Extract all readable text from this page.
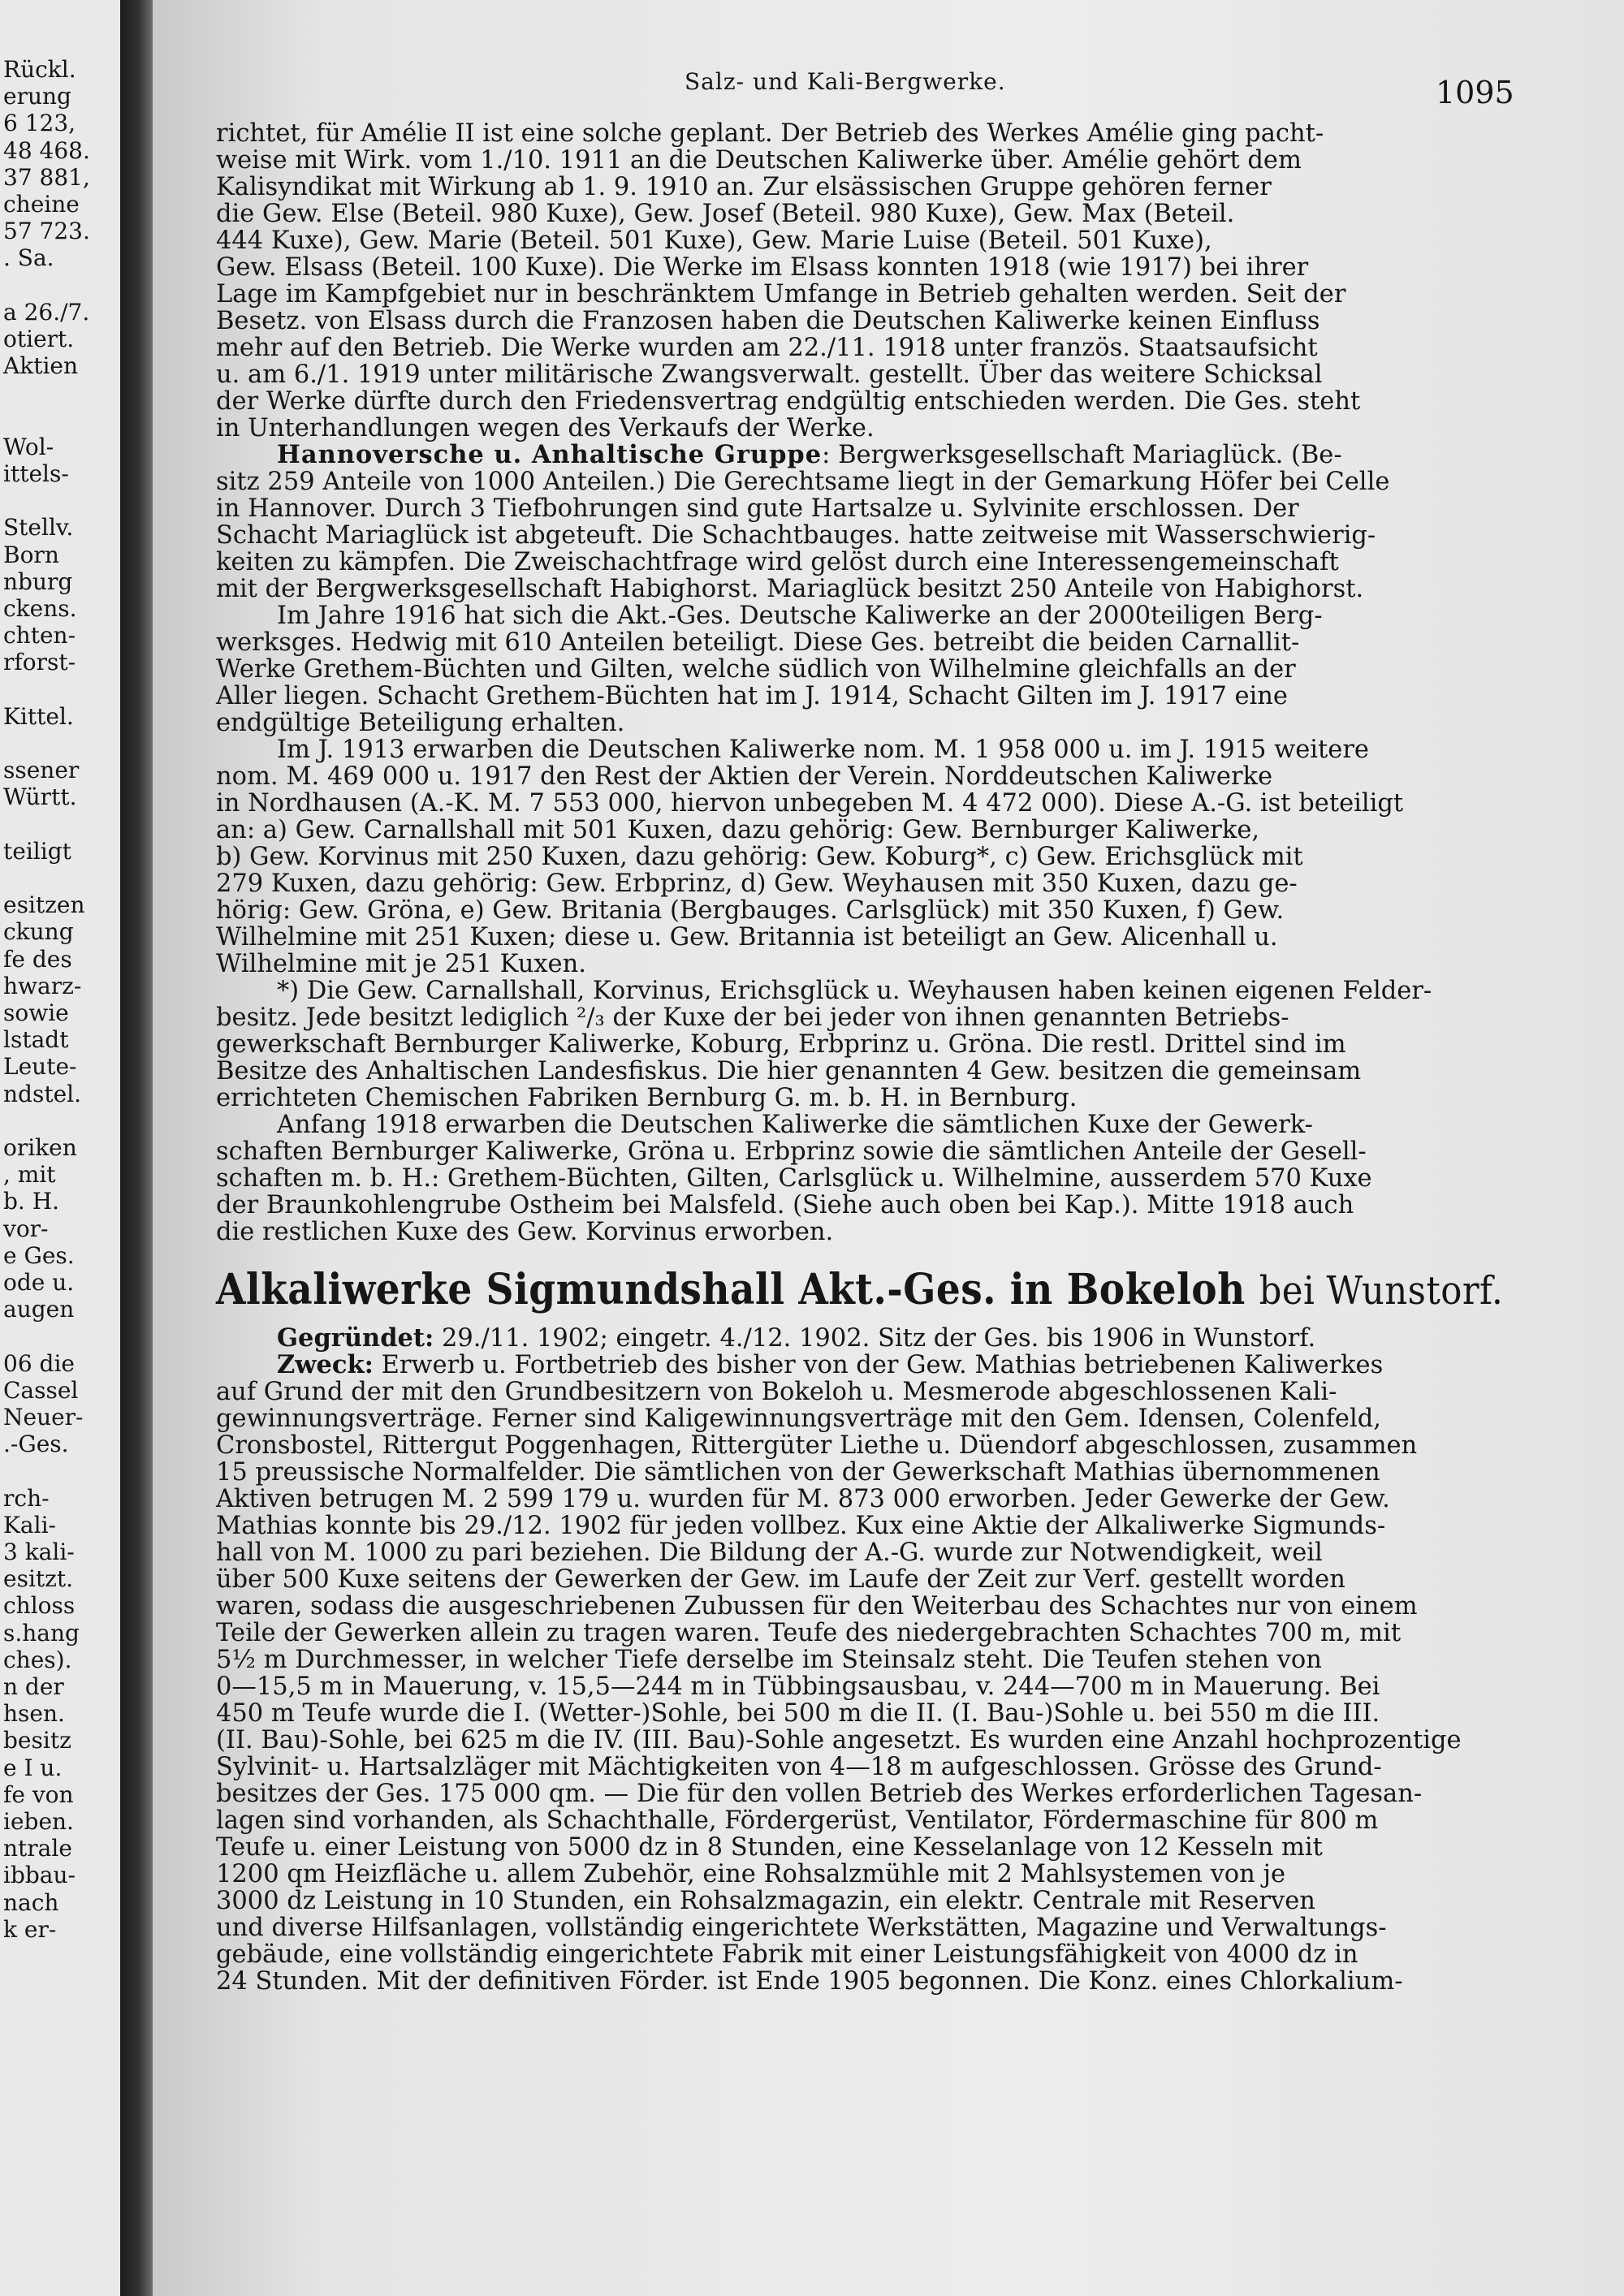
Rückl.
erung
6 123,
48 468.
37 881,
cheine
57 723.
. Sa.
a 26./7.
otiert.
Aktien
Wol-
ittels-
Stellv.
Born
nburg
ckens.
chten-
rforst-
Kittel.
ssener
Württ.
teiligt
esitzen
ckung
fe des
hwarz-
sowie
lstadt
Leute-
ndstel.
oriken
, mit
b. H.
vor-
e Ges.
ode u.
augen
06 die
Cassel
Neuer-
.-Ges.
rch-
Kali-
3 kali-
esitzt.
chloss
s.hang
ches).
n der
hsen.
besitz
e I u.
fe von
ieben.
ntrale
ibbau-
nach
k er-
Salz- und Kali-Bergwerke.	1095
richtet, für Amélie II ist eine solche geplant. Der Betrieb des Werkes Amélie ging pacht-
weise mit Wirk. vom 1./10. 1911 an die Deutschen Kaliwerke über. Amélie gehört dem
Kalisyndikat mit Wirkung ab 1. 9. 1910 an. Zur elsässischen Gruppe gehören ferner
die Gew. Else (Beteil. 980 Kuxe), Gew. Josef (Beteil. 980 Kuxe), Gew. Max (Beteil.
444 Kuxe), Gew. Marie (Beteil. 501 Kuxe), Gew. Marie Luise (Beteil. 501 Kuxe),
Gew. Elsass (Beteil. 100 Kuxe). Die Werke im Elsass konnten 1918 (wie 1917) bei ihrer
Lage im Kampfgebiet nur in beschränktem Umfange in Betrieb gehalten werden. Seit der
Besetz. von Elsass durch die Franzosen haben die Deutschen Kaliwerke keinen Einfluss
mehr auf den Betrieb. Die Werke wurden am 22./11. 1918 unter französ. Staatsaufsicht
u. am 6./1. 1919 unter militärische Zwangsverwalt. gestellt. Über das weitere Schicksal
der Werke dürfte durch den Friedensvertrag endgültig entschieden werden. Die Ges. steht
in Unterhandlungen wegen des Verkaufs der Werke.
Hannoversche u. Anhaltische Gruppe: Bergwerksgesellschaft Mariaglück. (Be-
sitz 259 Anteile von 1000 Anteilen.) Die Gerechtsame liegt in der Gemarkung Höfer bei Celle
in Hannover. Durch 3 Tiefbohrungen sind gute Hartsalze u. Sylvinite erschlossen. Der
Schacht Mariaglück ist abgeteuft. Die Schachtbauges. hatte zeitweise mit Wasserschwierig-
keiten zu kämpfen. Die Zweischachtfrage wird gelöst durch eine Interessengemeinschaft
mit der Bergwerksgesellschaft Habighorst. Mariaglück besitzt 250 Anteile von Habighorst.
Im Jahre 1916 hat sich die Akt.-Ges. Deutsche Kaliwerke an der 2000teiligen Berg-
werksges. Hedwig mit 610 Anteilen beteiligt. Diese Ges. betreibt die beiden Carnallit-
Werke Grethem-Büchten und Gilten, welche südlich von Wilhelmine gleichfalls an der
Aller liegen. Schacht Grethem-Büchten hat im J. 1914, Schacht Gilten im J. 1917 eine
endgültige Beteiligung erhalten.
Im J. 1913 erwarben die Deutschen Kaliwerke nom. M. 1 958 000 u. im J. 1915 weitere
nom. M. 469 000 u. 1917 den Rest der Aktien der Verein. Norddeutschen Kaliwerke
in Nordhausen (A.-K. M. 7 553 000, hiervon unbegeben M. 4 472 000). Diese A.-G. ist beteiligt
an: a) Gew. Carnallshall mit 501 Kuxen, dazu gehörig: Gew. Bernburger Kaliwerke,
b) Gew. Korvinus mit 250 Kuxen, dazu gehörig: Gew. Koburg*, c) Gew. Erichsglück mit
279 Kuxen, dazu gehörig: Gew. Erbprinz, d) Gew. Weyhausen mit 350 Kuxen, dazu ge-
hörig: Gew. Gröna, e) Gew. Britania (Bergbauges. Carlsglück) mit 350 Kuxen, f) Gew.
Wilhelmine mit 251 Kuxen; diese u. Gew. Britannia ist beteiligt an Gew. Alicenhall u.
Wilhelmine mit je 251 Kuxen.
*) Die Gew. Carnallshall, Korvinus, Erichsglück u. Weyhausen haben keinen eigenen Felder-
besitz. Jede besitzt lediglich ²/₃ der Kuxe der bei jeder von ihnen genannten Betriebs-
gewerkschaft Bernburger Kaliwerke, Koburg, Erbprinz u. Gröna. Die restl. Drittel sind im
Besitze des Anhaltischen Landesfiskus. Die hier genannten 4 Gew. besitzen die gemeinsam
errichteten Chemischen Fabriken Bernburg G. m. b. H. in Bernburg.
Anfang 1918 erwarben die Deutschen Kaliwerke die sämtlichen Kuxe der Gewerk-
schaften Bernburger Kaliwerke, Gröna u. Erbprinz sowie die sämtlichen Anteile der Gesell-
schaften m. b. H.: Grethem-Büchten, Gilten, Carlsglück u. Wilhelmine, ausserdem 570 Kuxe
der Braunkohlengrube Ostheim bei Malsfeld. (Siehe auch oben bei Kap.). Mitte 1918 auch
die restlichen Kuxe des Gew. Korvinus erworben.
Alkaliwerke Sigmundshall Akt.-Ges. in Bokeloh bei Wunstorf.
Gegründet: 29./11. 1902; eingetr. 4./12. 1902. Sitz der Ges. bis 1906 in Wunstorf.
Zweck: Erwerb u. Fortbetrieb des bisher von der Gew. Mathias betriebenen Kaliwerkes
auf Grund der mit den Grundbesitzern von Bokeloh u. Mesmerode abgeschlossenen Kali-
gewinnungsverträge. Ferner sind Kaligewinnungsverträge mit den Gem. Idensen, Colenfeld,
Cronsbostel, Rittergut Poggenhagen, Rittergüter Liethe u. Düendorf abgeschlossen, zusammen
15 preussische Normalfelder. Die sämtlichen von der Gewerkschaft Mathias übernommenen
Aktiven betrugen M. 2 599 179 u. wurden für M. 873 000 erworben. Jeder Gewerke der Gew.
Mathias konnte bis 29./12. 1902 für jeden vollbez. Kux eine Aktie der Alkaliwerke Sigmunds-
hall von M. 1000 zu pari beziehen. Die Bildung der A.-G. wurde zur Notwendigkeit, weil
über 500 Kuxe seitens der Gewerken der Gew. im Laufe der Zeit zur Verf. gestellt worden
waren, sodass die ausgeschriebenen Zubussen für den Weiterbau des Schachtes nur von einem
Teile der Gewerken allein zu tragen waren. Teufe des niedergebrachten Schachtes 700 m, mit
5½ m Durchmesser, in welcher Tiefe derselbe im Steinsalz steht. Die Teufen stehen von
0—15,5 m in Mauerung, v. 15,5—244 m in Tübbingsausbau, v. 244—700 m in Mauerung. Bei
450 m Teufe wurde die I. (Wetter-)Sohle, bei 500 m die II. (I. Bau-)Sohle u. bei 550 m die III.
(II. Bau)-Sohle, bei 625 m die IV. (III. Bau)-Sohle angesetzt. Es wurden eine Anzahl hochprozentige
Sylvinit- u. Hartsalzläger mit Mächtigkeiten von 4—18 m aufgeschlossen. Grösse des Grund-
besitzes der Ges. 175 000 qm. — Die für den vollen Betrieb des Werkes erforderlichen Tagesan-
lagen sind vorhanden, als Schachthalle, Fördergerüst, Ventilator, Fördermaschine für 800 m
Teufe u. einer Leistung von 5000 dz in 8 Stunden, eine Kesselanlage von 12 Kesseln mit
1200 qm Heizfläche u. allem Zubehör, eine Rohsalzmühle mit 2 Mahlsystemen von je
3000 dz Leistung in 10 Stunden, ein Rohsalzmagazin, ein elektr. Centrale mit Reserven
und diverse Hilfsanlagen, vollständig eingerichtete Werkstätten, Magazine und Verwaltungs-
gebäude, eine vollständig eingerichtete Fabrik mit einer Leistungsfähigkeit von 4000 dz in
24 Stunden. Mit der definitiven Förder. ist Ende 1905 begonnen. Die Konz. eines Chlorkalium-
